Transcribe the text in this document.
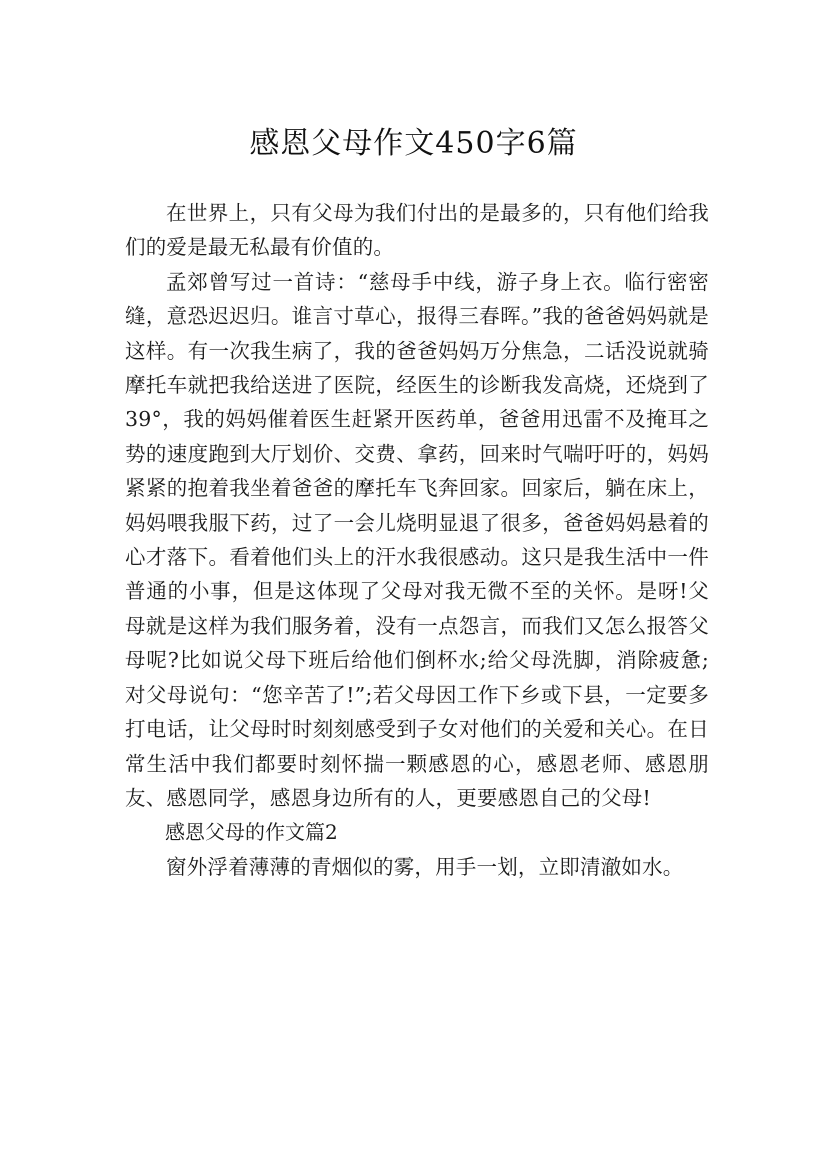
感恩父母作文450字6篇

在世界上，只有父母为我们付出的是最多的，只有他们给我们的爱是最无私最有价值的。

孟郊曾写过一首诗：“慈母手中线，游子身上衣。临行密密缝，意恐迟迟归。谁言寸草心，报得三春晖。”我的爸爸妈妈就是这样。有一次我生病了，我的爸爸妈妈万分焦急，二话没说就骑摩托车就把我给送进了医院，经医生的诊断我发高烧，还烧到了39°，我的妈妈催着医生赶紧开医药单，爸爸用迅雷不及掩耳之势的速度跑到大厅划价、交费、拿药，回来时气喘吁吁的，妈妈紧紧的抱着我坐着爸爸的摩托车飞奔回家。回家后，躺在床上，妈妈喂我服下药，过了一会儿烧明显退了很多，爸爸妈妈悬着的心才落下。看着他们头上的汗水我很感动。这只是我生活中一件普通的小事，但是这体现了父母对我无微不至的关怀。是呀!父母就是这样为我们服务着，没有一点怨言，而我们又怎么报答父母呢?比如说父母下班后给他们倒杯水;给父母洗脚，消除疲惫;对父母说句：“您辛苦了!”;若父母因工作下乡或下县，一定要多打电话，让父母时时刻刻感受到子女对他们的关爱和关心。在日常生活中我们都要时刻怀揣一颗感恩的心，感恩老师、感恩朋友、感恩同学，感恩身边所有的人，更要感恩自己的父母!

感恩父母的作文篇2

窗外浮着薄薄的青烟似的雾，用手一划，立即清澈如水。
